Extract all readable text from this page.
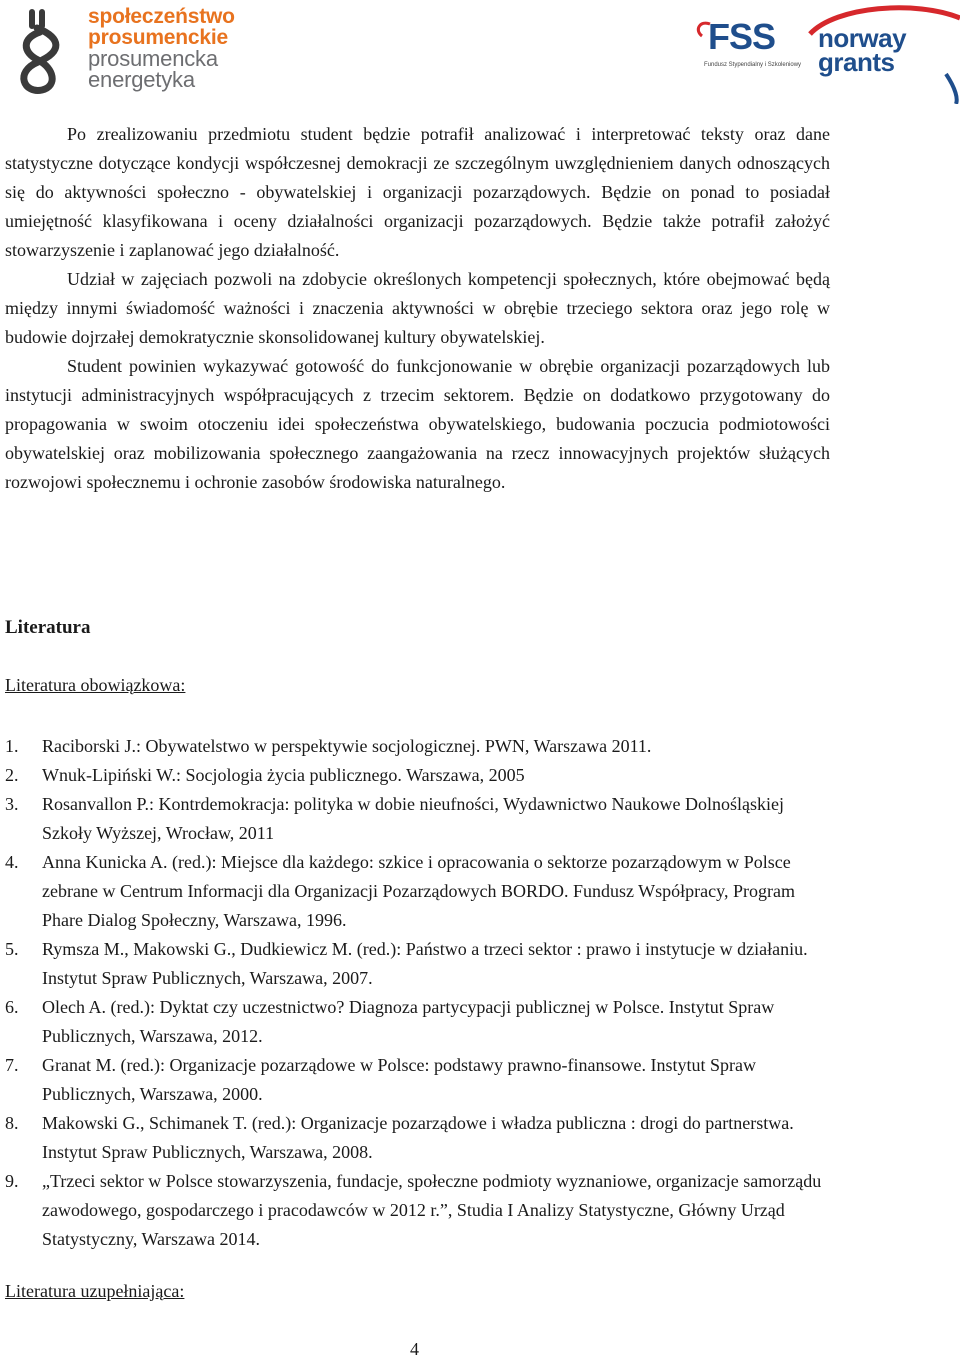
społeczeństwo
prosumenckie
prosumencka
energetyka
FSS
Fundusz Stypendialny i Szkoleniowy
norway
grants

Po zrealizowaniu przedmiotu student będzie potrafił analizować i interpretować teksty oraz dane statystyczne dotyczące kondycji współczesnej demokracji ze szczególnym uwzględnieniem danych odnoszących się do aktywności społeczno - obywatelskiej i organizacji pozarządowych. Będzie on ponad to posiadał umiejętność klasyfikowana i oceny działalności organizacji pozarządowych. Będzie także potrafił założyć stowarzyszenie i zaplanować jego działalność.

Udział w zajęciach pozwoli na zdobycie określonych kompetencji społecznych, które obejmować będą między innymi świadomość ważności i znaczenia aktywności w obrębie trzeciego sektora oraz jego rolę w budowie dojrzałej demokratycznie skonsolidowanej kultury obywatelskiej.

Student powinien wykazywać gotowość do funkcjonowanie w obrębie organizacji pozarządowych lub instytucji administracyjnych współpracujących z trzecim sektorem. Będzie on dodatkowo przygotowany do propagowania w swoim otoczeniu idei społeczeństwa obywatelskiego, budowania poczucia podmiotowości obywatelskiej oraz mobilizowania społecznego zaangażowania na rzecz innowacyjnych projektów służących rozwojowi społecznemu i ochronie zasobów środowiska naturalnego.

Literatura
Literatura obowiązkowa:
1. Raciborski J.: Obywatelstwo w perspektywie socjologicznej. PWN, Warszawa 2011.
2. Wnuk-Lipiński W.: Socjologia życia publicznego. Warszawa, 2005
3. Rosanvallon P.: Kontrdemokracja: polityka w dobie nieufności, Wydawnictwo Naukowe Dolnośląskiej Szkoły Wyższej, Wrocław, 2011
4. Anna Kunicka A. (red.): Miejsce dla każdego: szkice i opracowania o sektorze pozarządowym w Polsce zebrane w Centrum Informacji dla Organizacji Pozarządowych BORDO. Fundusz Współpracy, Program Phare Dialog Społeczny, Warszawa, 1996.
5. Rymsza M., Makowski G., Dudkiewicz M. (red.): Państwo a trzeci sektor : prawo i instytucje w działaniu. Instytut Spraw Publicznych, Warszawa, 2007.
6. Olech A. (red.): Dyktat czy uczestnictwo? Diagnoza partycypacji publicznej w Polsce. Instytut Spraw Publicznych, Warszawa, 2012.
7. Granat M. (red.): Organizacje pozarządowe w Polsce: podstawy prawno-finansowe. Instytut Spraw Publicznych, Warszawa, 2000.
8. Makowski G., Schimanek T. (red.): Organizacje pozarządowe i władza publiczna : drogi do partnerstwa. Instytut Spraw Publicznych, Warszawa, 2008.
9. „Trzeci sektor w Polsce stowarzyszenia, fundacje, społeczne podmioty wyznaniowe, organizacje samorządu zawodowego, gospodarczego i pracodawców w 2012 r.”, Studia I Analizy Statystyczne, Główny Urząd Statystyczny, Warszawa 2014.
Literatura uzupełniająca:
4
